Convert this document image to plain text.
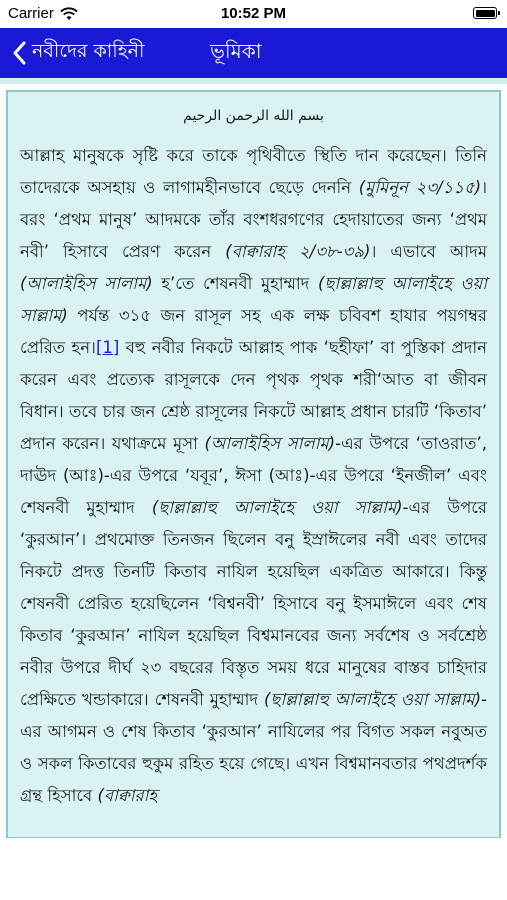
Carrier	10:52 PM
নবীদের কাহিনী	ভূমিকা
بسم الله الرحمن الرحيم

আল্লাহ মানুষকে সৃষ্টি করে তাকে পৃথিবীতে স্থিতি দান করেছেন। তিনি তাদেরকে অসহায় ও লাগামহীনভাবে ছেড়ে দেননি (মুমিনূন ২৩/১১৫)। বরং ‘প্রথম মানুষ’ আদমকে তাঁর বংশধরগণের হেদায়াতের জন্য ‘প্রথম নবী’ হিসাবে প্রেরণ করেন (বাক্বারাহ ২/৩৮-৩৯)। এভাবে আদম (আলাইহিস সালাম) হ’তে শেষনবী মুহাম্মাদ (ছাল্লাল্লাহু আলাইহে ওয়া সাল্লাম) পর্যন্ত ৩১৫ জন রাসূল সহ এক লক্ষ চবিবশ হাযার পয়গম্বর প্রেরিত হন।[1] বহু নবীর নিকটে আল্লাহ পাক ‘ছহীফা’ বা পুস্তিকা প্রদান করেন এবং প্রত্যেক রাসূলকে দেন পৃথক পৃথক শরী‘আত বা জীবন বিধান। তবে চার জন শ্রেষ্ঠ রাসূলের নিকটে আল্লাহ প্রধান চারটি ‘কিতাব’ প্রদান করেন। যথাক্রমে মূসা (আলাইহিস সালাম)-এর উপরে ‘তাওরাত’, দাঊদ (আঃ)-এর উপরে ‘যবূর’, ঈসা (আঃ)-এর উপরে ‘ইনজীল’ এবং শেষনবী মুহাম্মাদ (ছাল্লাল্লাহু আলাইহে ওয়া সাল্লাম)-এর উপরে ‘কুরআন’। প্রথমোক্ত তিনজন ছিলেন বনু ইস্রাঈলের নবী এবং তাদের নিকটে প্রদত্ত তিনটি কিতাব নাযিল হয়েছিল একত্রিত আকারে। কিন্তু শেষনবী প্রেরিত হয়েছিলেন ‘বিশ্বনবী’ হিসাবে বনু ইসমাঈলে এবং শেষ কিতাব ‘কুরআন’ নাযিল হয়েছিল বিশ্বমানবের জন্য সর্বশেষ ও সর্বশ্রেষ্ঠ নবীর উপরে দীর্ঘ ২৩ বছরের বিস্তৃত সময় ধরে মানুষের বাস্তব চাহিদার প্রেক্ষিতে খন্ডাকারে। শেষনবী মুহাম্মাদ (ছাল্লাল্লাহু আলাইহে ওয়া সাল্লাম)-এর আগমন ও শেষ কিতাব ‘কুরআন’ নাযিলের পর বিগত সকল নবুঅত ও সকল কিতাবের হুকুম রহিত হয়ে গেছে। এখন বিশ্বমানবতার পথপ্রদর্শক গ্রন্থ হিসাবে (বাক্বারাহ
